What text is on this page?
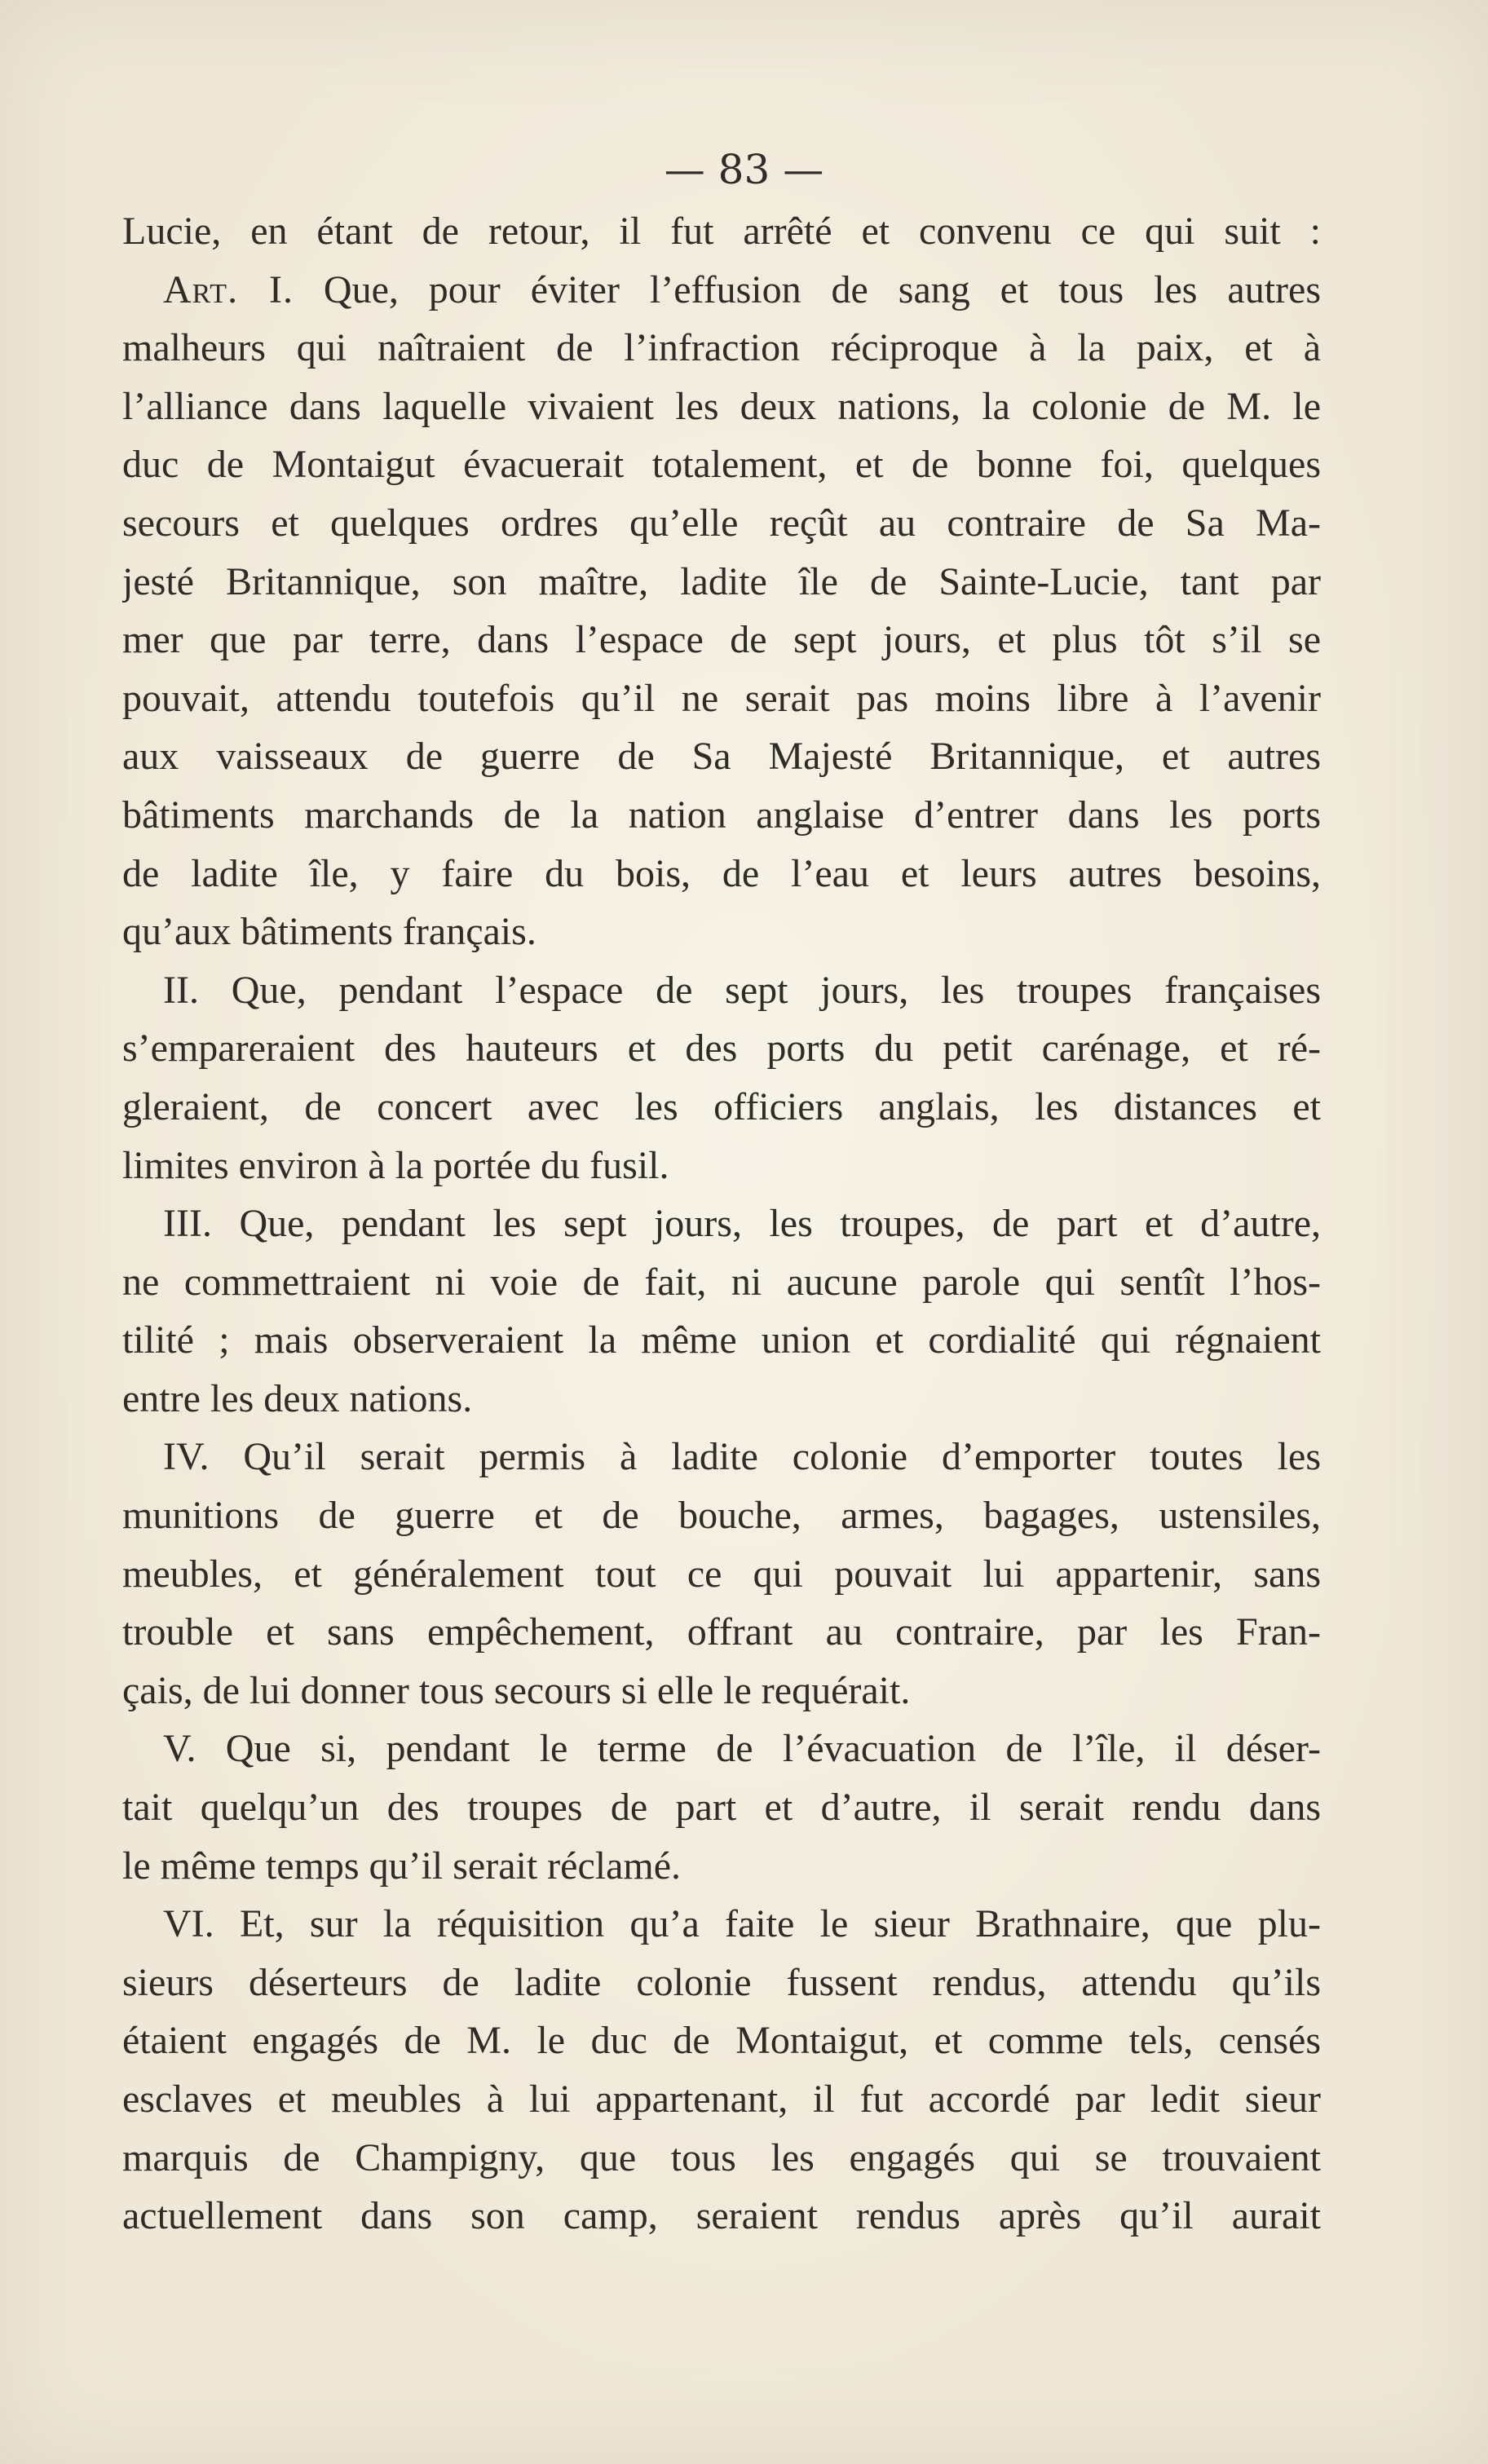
— 83 —
Lucie, en étant de retour, il fut arrêté et convenu ce qui suit :
Art. I. Que, pour éviter l’effusion de sang et tous les autres
malheurs qui naîtraient de l’infraction réciproque à la paix, et à
l’alliance dans laquelle vivaient les deux nations, la colonie de M. le
duc de Montaigut évacuerait totalement, et de bonne foi, quelques
secours et quelques ordres qu’elle reçût au contraire de Sa Ma-
jesté Britannique, son maître, ladite île de Sainte-Lucie, tant par
mer que par terre, dans l’espace de sept jours, et plus tôt s’il se
pouvait, attendu toutefois qu’il ne serait pas moins libre à l’avenir
aux vaisseaux de guerre de Sa Majesté Britannique, et autres
bâtiments marchands de la nation anglaise d’entrer dans les ports
de ladite île, y faire du bois, de l’eau et leurs autres besoins,
qu’aux bâtiments français.
II. Que, pendant l’espace de sept jours, les troupes françaises
s’empareraient des hauteurs et des ports du petit carénage, et ré-
gleraient, de concert avec les officiers anglais, les distances et
limites environ à la portée du fusil.
III. Que, pendant les sept jours, les troupes, de part et d’autre,
ne commettraient ni voie de fait, ni aucune parole qui sentît l’hos-
tilité ; mais observeraient la même union et cordialité qui régnaient
entre les deux nations.
IV. Qu’il serait permis à ladite colonie d’emporter toutes les
munitions de guerre et de bouche, armes, bagages, ustensiles,
meubles, et généralement tout ce qui pouvait lui appartenir, sans
trouble et sans empêchement, offrant au contraire, par les Fran-
çais, de lui donner tous secours si elle le requérait.
V. Que si, pendant le terme de l’évacuation de l’île, il déser-
tait quelqu’un des troupes de part et d’autre, il serait rendu dans
le même temps qu’il serait réclamé.
VI. Et, sur la réquisition qu’a faite le sieur Brathnaire, que plu-
sieurs déserteurs de ladite colonie fussent rendus, attendu qu’ils
étaient engagés de M. le duc de Montaigut, et comme tels, censés
esclaves et meubles à lui appartenant, il fut accordé par ledit sieur
marquis de Champigny, que tous les engagés qui se trouvaient
actuellement dans son camp, seraient rendus après qu’il aurait
